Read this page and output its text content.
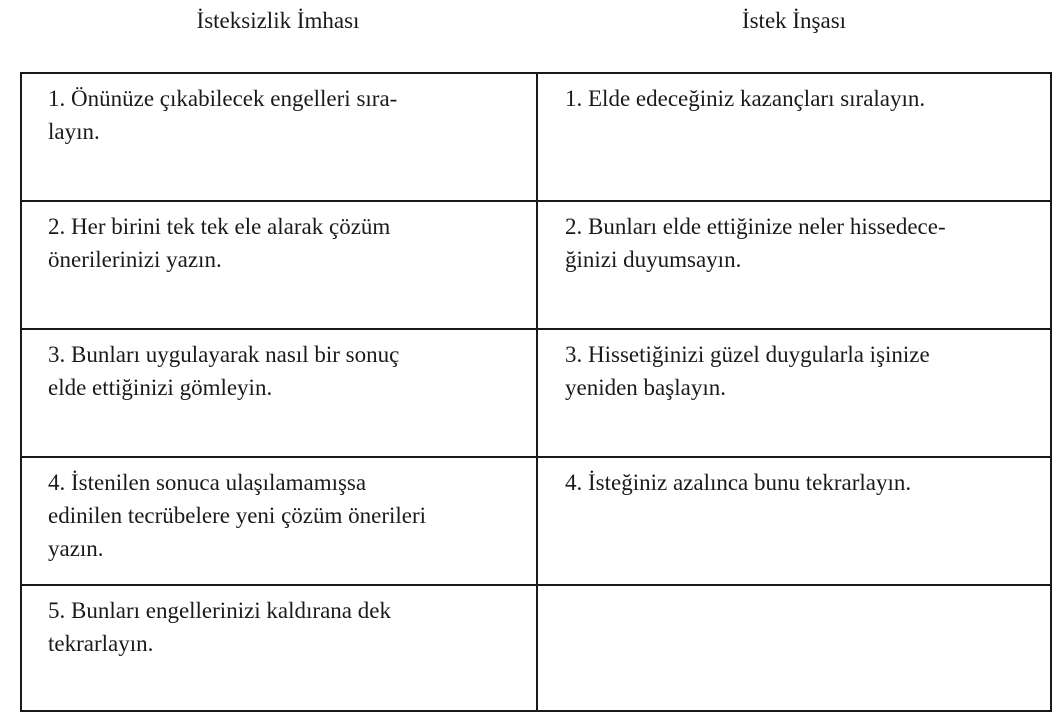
İsteksizlik İmhası	İstek İnşası
1. Önünüze çıkabilecek engelleri sıra-
layın.
1. Elde edeceğiniz kazançları sıralayın.
2. Her birini tek tek ele alarak çözüm
önerilerinizi yazın.
2. Bunları elde ettiğinize neler hissedece-
ğinizi duyumsayın.
3. Bunları uygulayarak nasıl bir sonuç
elde ettiğinizi gömleyin.
3. Hissetiğinizi güzel duygularla işinize
yeniden başlayın.
4. İstenilen sonuca ulaşılamamışsa
edinilen tecrübelere yeni çözüm önerileri
yazın.
4. İsteğiniz azalınca bunu tekrarlayın.
5. Bunları engellerinizi kaldırana dek
tekrarlayın.
